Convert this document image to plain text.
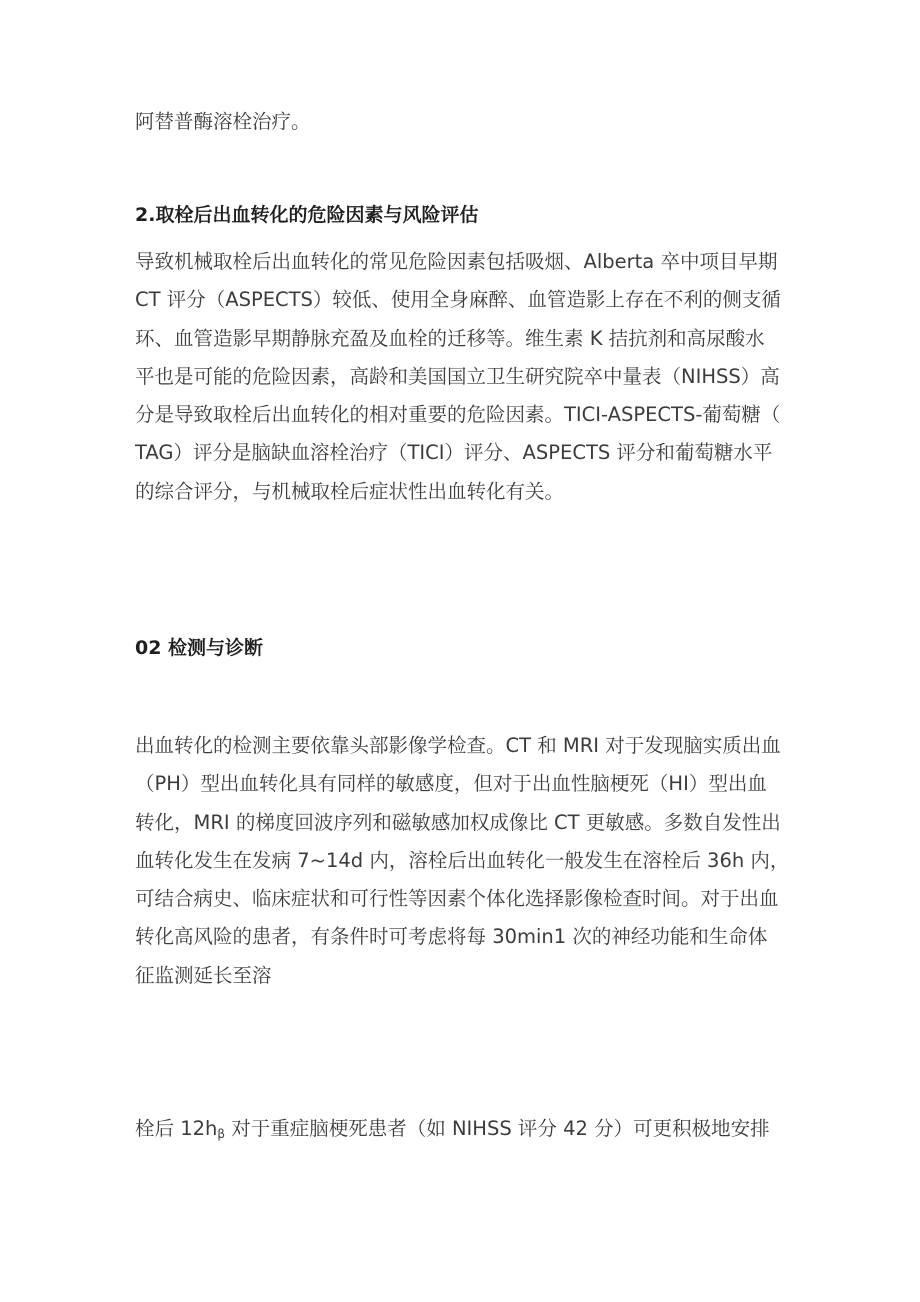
阿替普酶溶栓治疗。

2.取栓后出血转化的危险因素与风险评估

导致机械取栓后出血转化的常见危险因素包括吸烟、Alberta 卒中项目早期
CT 评分（ASPECTS）较低、使用全身麻醉、血管造影上存在不利的侧支循
环、血管造影早期静脉充盈及血栓的迁移等。维生素 K 拮抗剂和高尿酸水
平也是可能的危险因素，高龄和美国国立卫生研究院卒中量表（NIHSS）高
分是导致取栓后出血转化的相对重要的危险因素。TICI-ASPECTS-葡萄糖（
TAG）评分是脑缺血溶栓治疗（TICI）评分、ASPECTS 评分和葡萄糖水平
的综合评分，与机械取栓后症状性出血转化有关。

02 检测与诊断

出血转化的检测主要依靠头部影像学检查。CT 和 MRI 对于发现脑实质出血
（PH）型出血转化具有同样的敏感度，但对于出血性脑梗死（HI）型出血
转化，MRI 的梯度回波序列和磁敏感加权成像比 CT 更敏感。多数自发性出
血转化发生在发病 7~14d 内，溶栓后出血转化一般发生在溶栓后 36h 内，
可结合病史、临床症状和可行性等因素个体化选择影像检查时间。对于出血
转化高风险的患者，有条件时可考虑将每 30min1 次的神经功能和生命体
征监测延长至溶

栓后 $12h_\beta$ 对于重症脑梗死患者（如 NIHSS 评分 42 分）可更积极地安排
